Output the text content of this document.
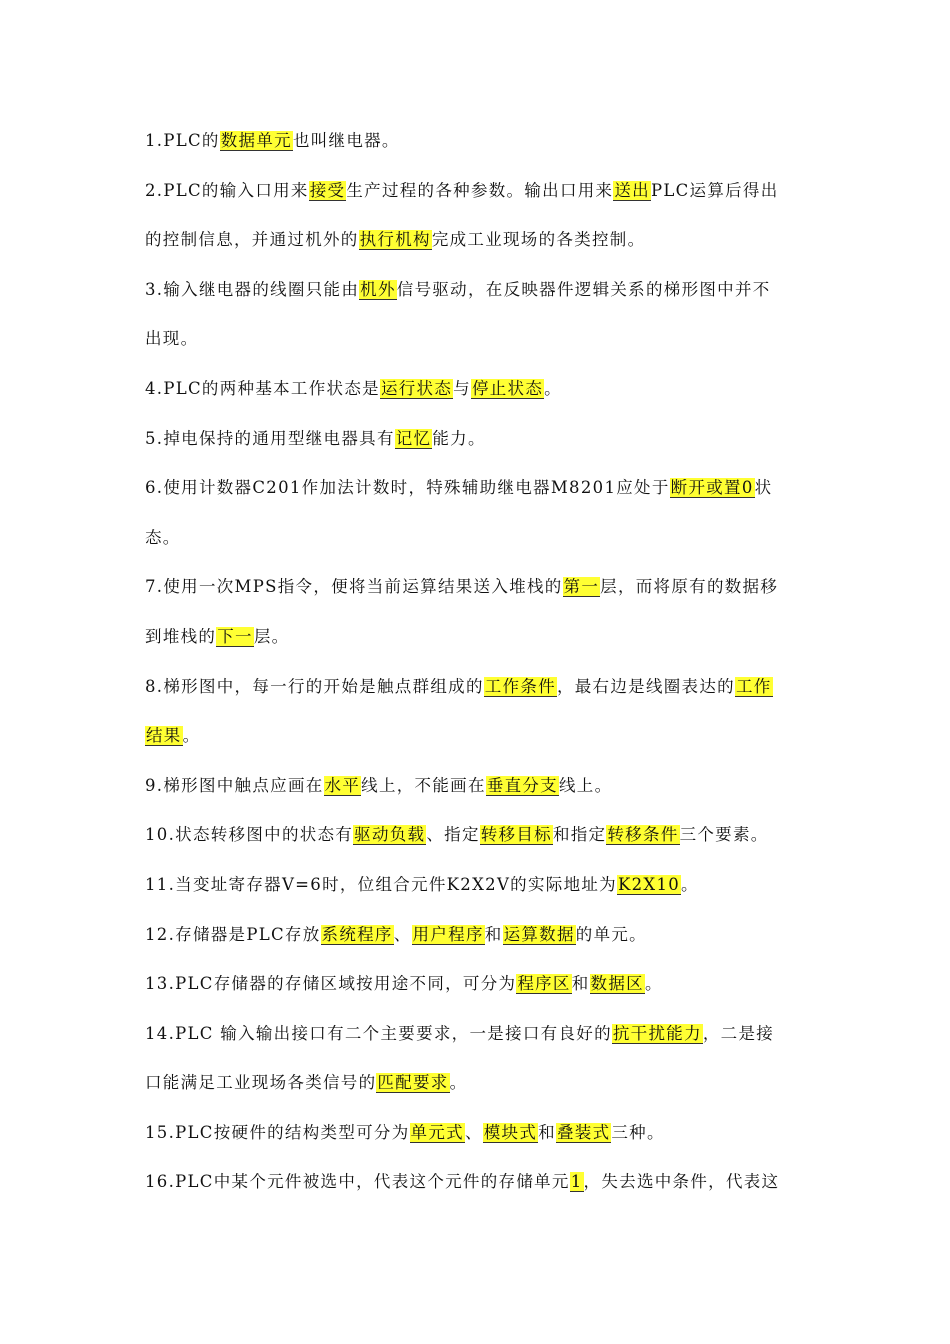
1.PLC的数据单元也叫继电器。
2.PLC的输入口用来接受生产过程的各种参数。输出口用来送出PLC运算后得出
的控制信息，并通过机外的执行机构完成工业现场的各类控制。
3.输入继电器的线圈只能由机外信号驱动，在反映器件逻辑关系的梯形图中并不
出现。
4.PLC的两种基本工作状态是运行状态与停止状态。
5.掉电保持的通用型继电器具有记忆能力。
6.使用计数器C201作加法计数时，特殊辅助继电器M8201应处于断开或置0状
态。
7.使用一次MPS指令，便将当前运算结果送入堆栈的第一层，而将原有的数据移
到堆栈的下一层。
8.梯形图中，每一行的开始是触点群组成的工作条件，最右边是线圈表达的工作
结果。
9.梯形图中触点应画在水平线上，不能画在垂直分支线上。
10.状态转移图中的状态有驱动负载、指定转移目标和指定转移条件三个要素。
11.当变址寄存器V=6时，位组合元件K2X2V的实际地址为K2X10。
12.存储器是PLC存放系统程序、用户程序和运算数据的单元。
13.PLC存储器的存储区域按用途不同，可分为程序区和数据区。
14.PLC 输入输出接口有二个主要要求，一是接口有良好的抗干扰能力，二是接
口能满足工业现场各类信号的匹配要求。
15.PLC按硬件的结构类型可分为单元式、模块式和叠装式三种。
16.PLC中某个元件被选中，代表这个元件的存储单元1，失去选中条件，代表这
